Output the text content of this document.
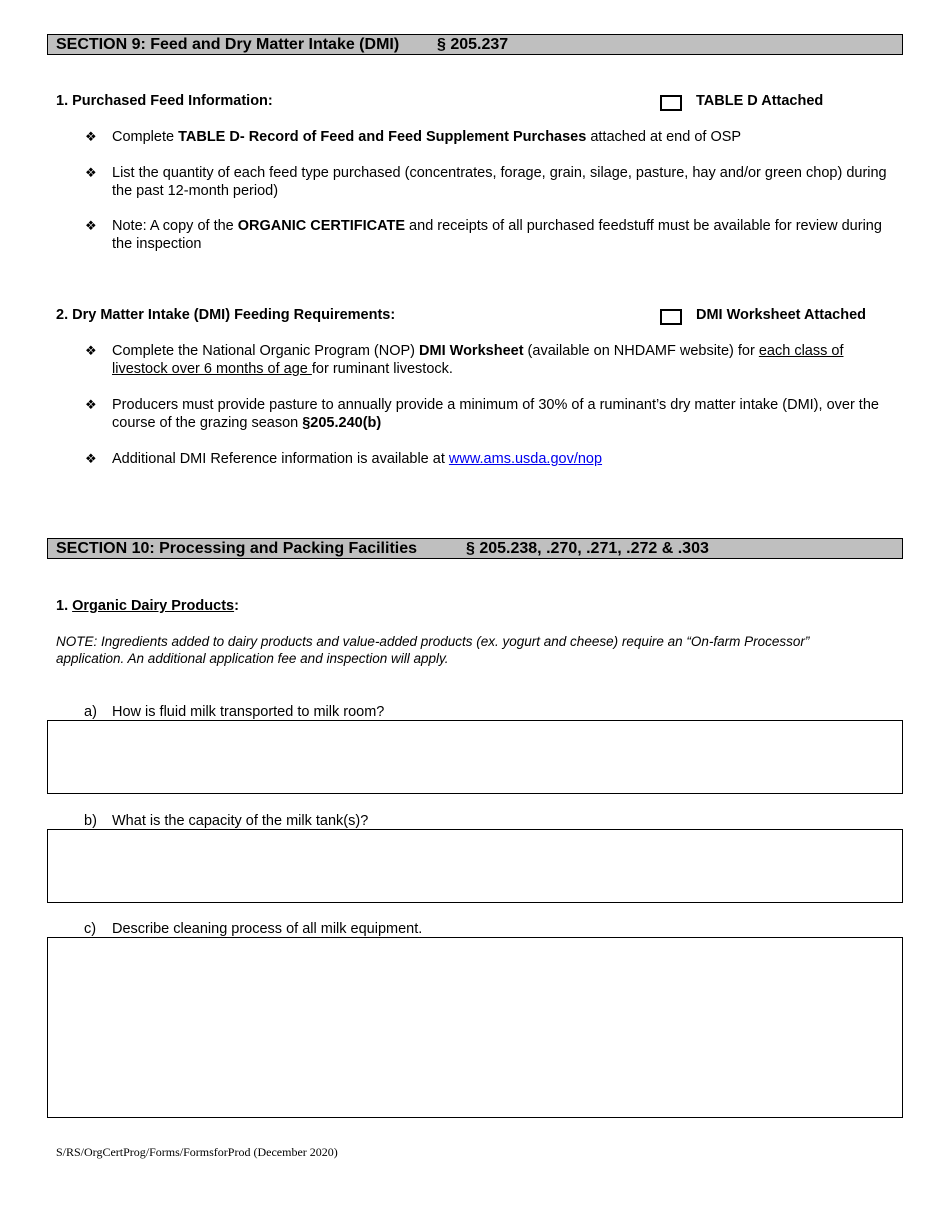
SECTION 9: Feed and Dry Matter Intake (DMI) § 205.237
1. Purchased Feed Information:	TABLE D Attached
❖ Complete TABLE D- Record of Feed and Feed Supplement Purchases attached at end of OSP
❖ List the quantity of each feed type purchased (concentrates, forage, grain, silage, pasture, hay and/or green chop) during the past 12-month period)
❖ Note: A copy of the ORGANIC CERTIFICATE and receipts of all purchased feedstuff must be available for review during the inspection
2. Dry Matter Intake (DMI) Feeding Requirements:	DMI Worksheet Attached
❖ Complete the National Organic Program (NOP) DMI Worksheet (available on NHDAMF website) for each class of livestock over 6 months of age for ruminant livestock.
❖ Producers must provide pasture to annually provide a minimum of 30% of a ruminant’s dry matter intake (DMI), over the course of the grazing season §205.240(b)
❖ Additional DMI Reference information is available at www.ams.usda.gov/nop
SECTION 10: Processing and Packing Facilities	§ 205.238, .270, .271, .272 & .303
1. Organic Dairy Products:
NOTE: Ingredients added to dairy products and value-added products (ex. yogurt and cheese) require an “On-farm Processor” application. An additional application fee and inspection will apply.
a) How is fluid milk transported to milk room?
b) What is the capacity of the milk tank(s)?
c) Describe cleaning process of all milk equipment.
S/RS/OrgCertProg/Forms/FormsforProd (December 2020)
